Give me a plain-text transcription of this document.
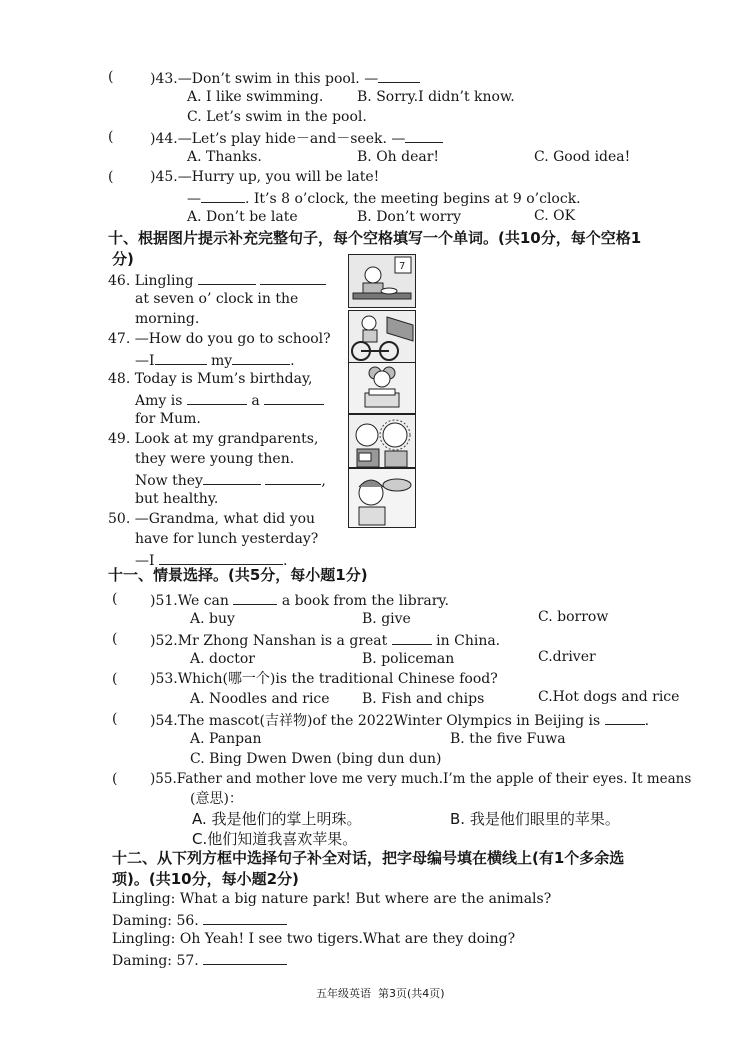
(	)43.—Don’t swim in this pool. —
A. I like swimming. B. Sorry.I didn’t know.
C. Let’s swim in the pool.
(	)44.—Let’s play hide－and－seek. —
A. Thanks.	B. Oh dear!	C. Good idea!
(	)45.—Hurry up, you will be late!
—	. It’s 8 o’clock, the meeting begins at 9 o’clock.
A. Don’t be late	B. Don’t worry	C. OK
十、根据图片提示补充完整句子，每个空格填写一个单词。(共10分，每个空格1
分)
46. Lingling
at seven o’ clock in the
morning.
47. —How do you go to school?
—I	my	.
48. Today is Mum’s birthday,
Amy is	a
for Mum.
49. Look at my grandparents,
they were young then.
Now they	,
but healthy.
50. —Grandma, what did you
have for lunch yesterday?
—I	.
7
十一、情景选择。(共5分，每小题1分)
( )51.We can	a book from the library.
A. buy	B. give	C. borrow
( )52.Mr Zhong Nanshan is a great	in China.
A. doctor	B. policeman	C.driver
( )53.Which(哪一个)is the traditional Chinese food?
A. Noodles and rice B. Fish and chips	C.Hot dogs and rice
( )54.The mascot(吉祥物)of the 2022Winter Olympics in Beijing is	.
A. Panpan	B. the five Fuwa
C. Bing Dwen Dwen (bing dun dun)
( )55.Father and mother love me very much.I’m the apple of their eyes. It means
(意思)：
A. 我是他们的掌上明珠。	B. 我是他们眼里的苹果。
C.他们知道我喜欢苹果。
十二、从下列方框中选择句子补全对话，把字母编号填在横线上(有1个多余选
项)。(共10分，每小题2分)
Lingling: What a big nature park! But where are the animals?
Daming: 56.
Lingling: Oh Yeah! I see two tigers.What are they doing?
Daming: 57.
五年级英语 第3页(共4页)
